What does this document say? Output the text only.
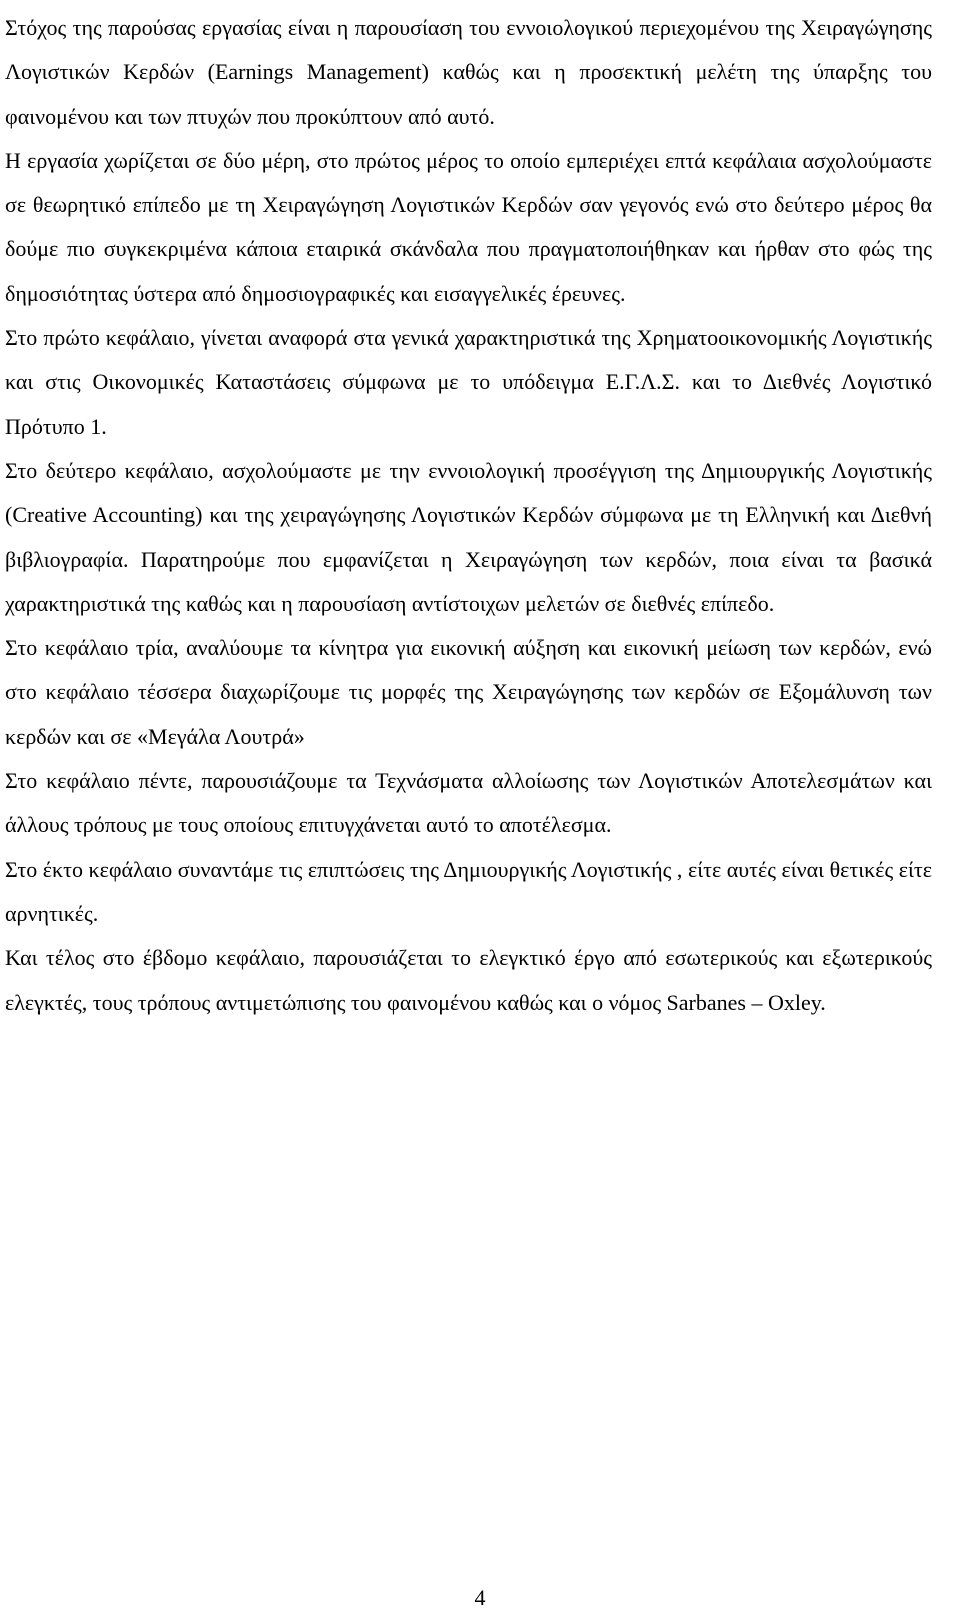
Στόχος της παρούσας εργασίας είναι η παρουσίαση του εννοιολογικού περιεχομένου της Χειραγώγησης Λογιστικών Κερδών (Earnings Management) καθώς και η προσεκτική μελέτη της ύπαρξης του φαινομένου και των πτυχών που προκύπτουν από αυτό.

Η εργασία χωρίζεται σε δύο μέρη, στο πρώτος μέρος το οποίο εμπεριέχει επτά κεφάλαια ασχολούμαστε σε θεωρητικό επίπεδο με τη Χειραγώγηση Λογιστικών Κερδών σαν γεγονός ενώ στο δεύτερο μέρος θα δούμε πιο συγκεκριμένα κάποια εταιρικά σκάνδαλα που πραγματοποιήθηκαν και ήρθαν στο φώς της δημοσιότητας ύστερα από δημοσιογραφικές και εισαγγελικές έρευνες.

Στο πρώτο κεφάλαιο, γίνεται αναφορά στα γενικά χαρακτηριστικά της Χρηματοοικονομικής Λογιστικής και στις Οικονομικές Καταστάσεις σύμφωνα με το υπόδειγμα Ε.Γ.Λ.Σ. και το Διεθνές Λογιστικό Πρότυπο 1.

Στο δεύτερο κεφάλαιο, ασχολούμαστε με την εννοιολογική προσέγγιση της Δημιουργικής Λογιστικής (Creative Accounting) και της χειραγώγησης Λογιστικών Κερδών σύμφωνα με τη Ελληνική και Διεθνή βιβλιογραφία. Παρατηρούμε που εμφανίζεται η Χειραγώγηση των κερδών, ποια είναι τα βασικά χαρακτηριστικά της καθώς και η παρουσίαση αντίστοιχων μελετών σε διεθνές επίπεδο.

Στο κεφάλαιο τρία, αναλύουμε τα κίνητρα για εικονική αύξηση και εικονική μείωση των κερδών, ενώ στο κεφάλαιο τέσσερα διαχωρίζουμε τις μορφές της Χειραγώγησης των κερδών σε Εξομάλυνση των κερδών και σε «Μεγάλα Λουτρά»

Στο κεφάλαιο πέντε, παρουσιάζουμε τα Τεχνάσματα αλλοίωσης των Λογιστικών Αποτελεσμάτων και άλλους τρόπους με τους οποίους επιτυγχάνεται αυτό το αποτέλεσμα.

Στο έκτο κεφάλαιο συναντάμε τις επιπτώσεις της Δημιουργικής Λογιστικής , είτε αυτές είναι θετικές είτε αρνητικές.

Και τέλος στο έβδομο κεφάλαιο, παρουσιάζεται το ελεγκτικό έργο από εσωτερικούς και εξωτερικούς ελεγκτές, τους τρόπους αντιμετώπισης του φαινομένου καθώς και ο νόμος Sarbanes – Oxley.

4
